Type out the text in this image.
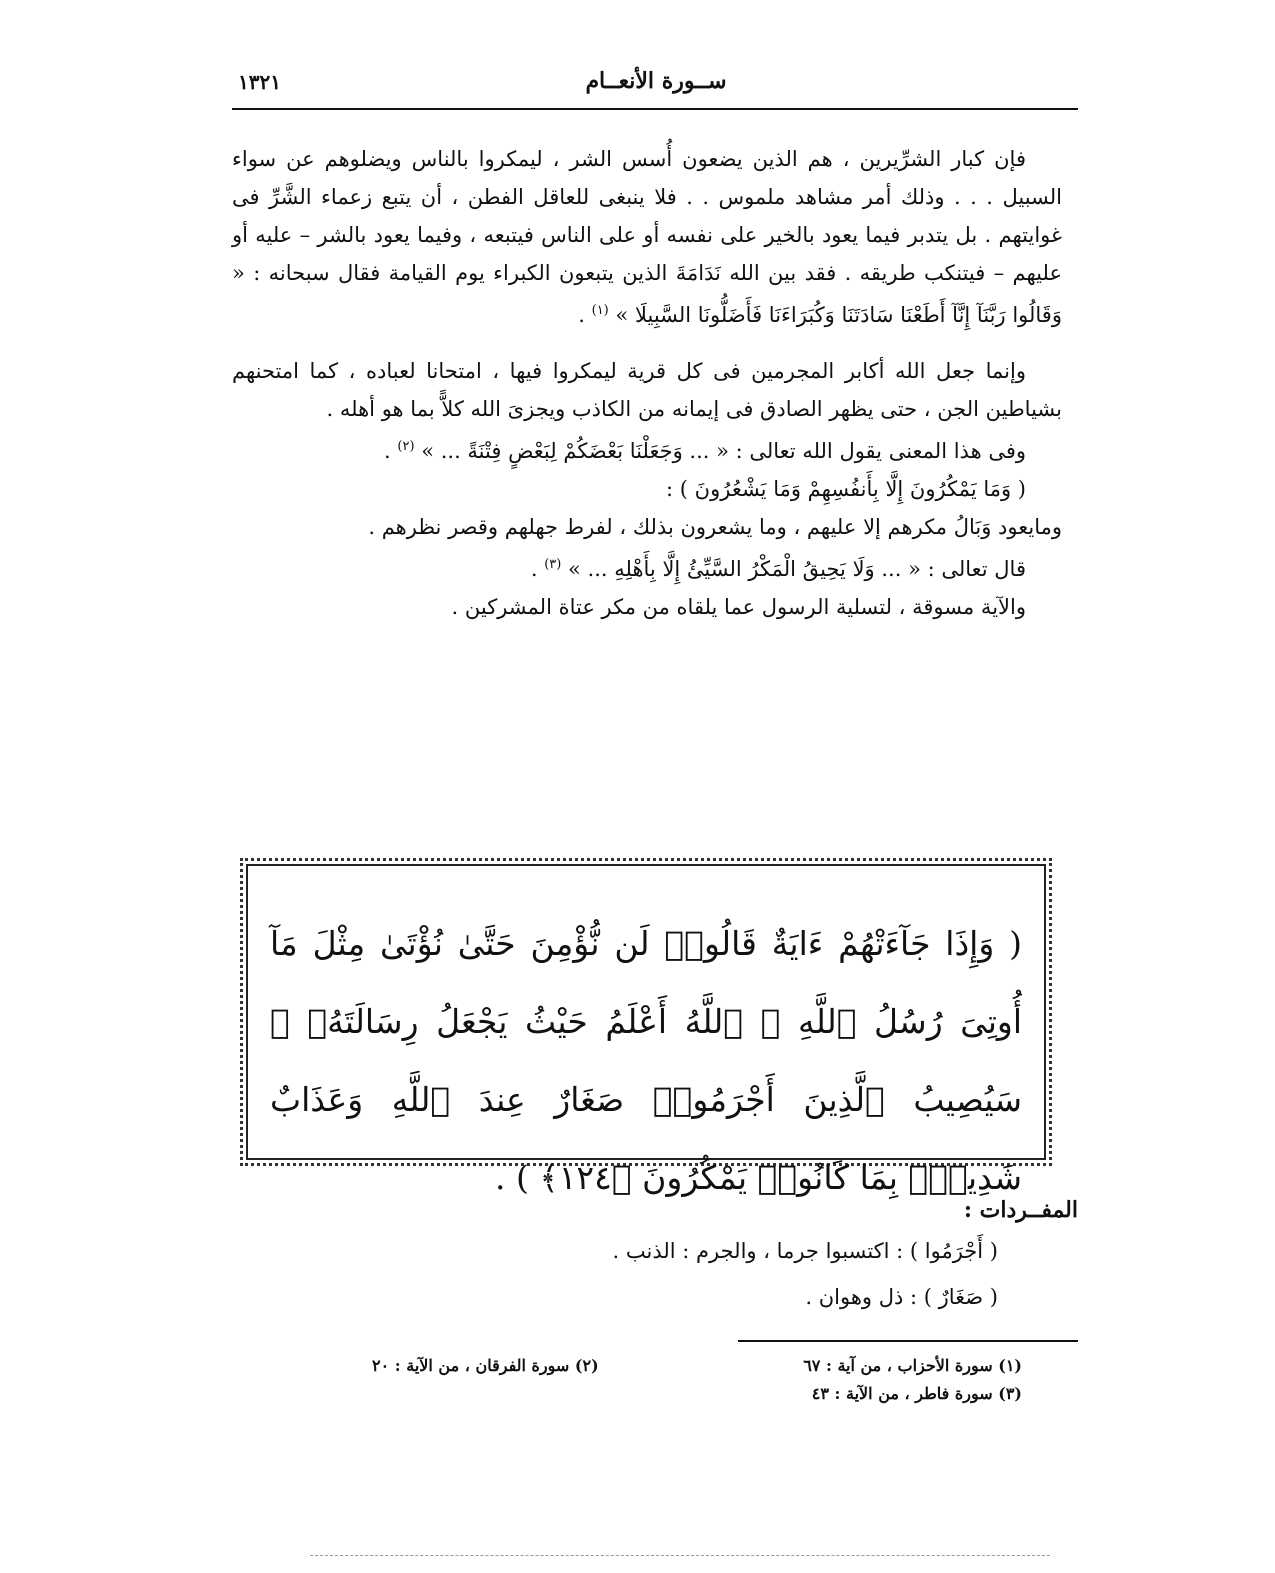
ســورة الأنعــام
١٣٢١

فإن كبار الشرِّيرين ، هم الذين يضعون أُسس الشر ، ليمكروا بالناس ويضلوهم عن سواء السبيل . . . وذلك أمر مشاهد ملموس . . فلا ينبغى للعاقل الفطن ، أن يتبع زعماء الشَّرِّ فى غوايتهم . بل يتدبر فيما يعود بالخير على نفسه أو على الناس فيتبعه ، وفيما يعود بالشر – عليه أو عليهم – فيتنكب طريقه . فقد بين الله نَدَامَةَ الذين يتبعون الكبراء يوم القيامة فقال سبحانه : « وَقَالُوا رَبَّنَآ إِنَّآ أَطَعْنَا سَادَتَنَا وَكُبَرَاءَنَا فَأَضَلُّونَا السَّبِيلَا » $^{(١)}$ .

وإنما جعل الله أكابر المجرمين فى كل قرية ليمكروا فيها ، امتحانا لعباده ، كما امتحنهم بشياطين الجن ، حتى يظهر الصادق فى إيمانه من الكاذب ويجزىَ الله كلاًّ بما هو أهله .

وفى هذا المعنى يقول الله تعالى : « ... وَجَعَلْنَا بَعْضَكُمْ لِبَعْضٍ فِتْنَةً ... » $^{(٢)}$ .
( وَمَا يَمْكُرُونَ إِلَّا بِأَنفُسِهِمْ وَمَا يَشْعُرُونَ ) :
ومايعود وَبَالُ مكرهم إلا عليهم ، وما يشعرون بذلك ، لفرط جهلهم وقصر نظرهم .
قال تعالى : « ... وَلَا يَحِيقُ الْمَكْرُ السَّيِّئُ إِلَّا بِأَهْلِهِ ... » $^{(٣)}$ .
والآية مسوقة ، لتسلية الرسول عما يلقاه من مكر عتاة المشركين .
( وَإِذَا جَآءَتْهُمْ ءَايَةٌ قَالُوا۟ لَن نُّؤْمِنَ حَتَّىٰ نُؤْتَىٰ مِثْلَ مَآ أُوتِىَ رُسُلُ ٱللَّهِ ۘ ٱللَّهُ أَعْلَمُ حَيْثُ يَجْعَلُ رِسَالَتَهُۥ ۗ سَيُصِيبُ ٱلَّذِينَ أَجْرَمُوا۟ صَغَارٌ عِندَ ٱللَّهِ وَعَذَابٌ شَدِيدٌۢ بِمَا كَانُوا۟ يَمْكُرُونَ ﴿١٢٤﴾ ) .
المفــردات :
( أَجْرَمُوا ) : اكتسبوا جرما ، والجرم : الذنب .
( صَغَارٌ ) : ذل وهوان .
(١) سورة الأحزاب ، من آية : ٦٧
(٣) سورة فاطر ، من الآية : ٤٣
(٢) سورة الفرقان ، من الآية : ٢٠
